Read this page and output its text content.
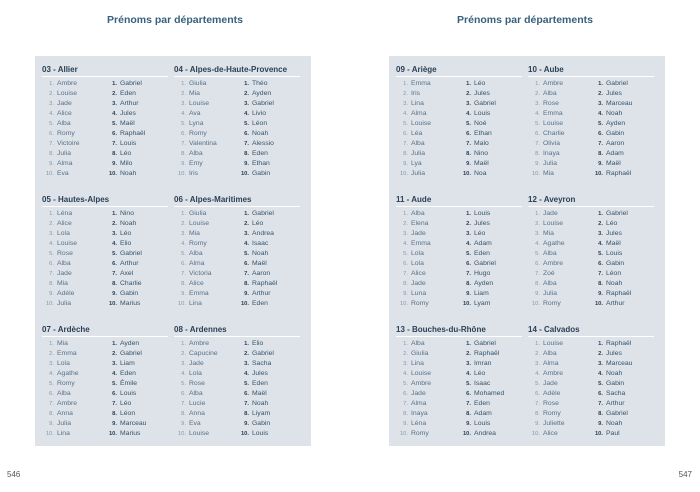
Prénoms par départements
03 - Allier
1. Ambre
2. Louise
3. Jade
4. Alice
5. Alba
6. Romy
7. Victoire
8. Julia
9. Alma
10. Eva
1. Gabriel
2. Eden
3. Arthur
4. Jules
5. Maël
6. Raphaël
7. Louis
8. Léo
9. Milo
10. Noah
04 - Alpes-de-Haute-Provence
1. Giulia
2. Mia
3. Louise
4. Ava
5. Lyna
6. Romy
7. Valentina
8. Alba
9. Emy
10. Iris
1. Théo
2. Ayden
3. Gabriel
4. Livio
5. Léon
6. Noah
7. Alessio
8. Eden
9. Ethan
10. Gabin
05 - Hautes-Alpes
1. Léna
2. Alice
3. Lola
4. Louise
5. Rose
6. Alba
7. Jade
8. Mia
9. Adèle
10. Julia
1. Nino
2. Noah
3. Léo
4. Elio
5. Gabriel
6. Arthur
7. Axel
8. Charlie
9. Gabin
10. Marius
06 - Alpes-Maritimes
1. Giulia
2. Louise
3. Mia
4. Romy
5. Alba
6. Alma
7. Victoria
8. Alice
9. Emma
10. Lina
1. Gabriel
2. Léo
3. Andrea
4. Isaac
5. Noah
6. Maël
7. Aaron
8. Raphaël
9. Arthur
10. Eden
07 - Ardèche
1. Mia
2. Emma
3. Lola
4. Agathe
5. Romy
6. Alba
7. Ambre
8. Anna
9. Julia
10. Lina
1. Ayden
2. Gabriel
3. Liam
4. Eden
5. Émile
6. Louis
7. Léo
8. Léon
9. Marceau
10. Marius
08 - Ardennes
1. Ambre
2. Capucine
3. Jade
4. Lola
5. Rose
6. Alba
7. Lucie
8. Anna
9. Eva
10. Louise
1. Elio
2. Gabriel
3. Sacha
4. Jules
5. Eden
6. Maël
7. Noah
8. Liyam
9. Gabin
10. Louis
546
Prénoms par départements
09 - Ariège
1. Emma
2. Iris
3. Lina
4. Alma
5. Louise
6. Léa
7. Alba
8. Julia
9. Lya
10. Julia
1. Léo
2. Jules
3. Gabriel
4. Louis
5. Noé
6. Ethan
7. Malo
8. Nino
9. Maël
10. Noa
10 - Aube
1. Ambre
2. Alba
3. Rose
4. Emma
5. Louise
6. Charlie
7. Olivia
8. Inaya
9. Julia
10. Mia
1. Gabriel
2. Jules
3. Marceau
4. Noah
5. Ayden
6. Gabin
7. Aaron
8. Adam
9. Maël
10. Raphaël
11 - Aude
1. Alba
2. Elena
3. Jade
4. Emma
5. Lola
6. Lola
7. Alice
8. Jade
9. Luna
10. Romy
1. Louis
2. Jules
3. Léo
4. Adam
5. Eden
6. Gabriel
7. Hugo
8. Ayden
9. Liam
10. Lyam
12 - Aveyron
1. Jade
2. Louise
3. Mia
4. Agathe
5. Alba
6. Ambre
7. Zoé
8. Alba
9. Julia
10. Romy
1. Gabriel
2. Léo
3. Jules
4. Maël
5. Louis
6. Gabin
7. Léon
8. Noah
9. Raphaël
10. Arthur
13 - Bouches-du-Rhône
1. Alba
2. Giulia
3. Lina
4. Louise
5. Ambre
6. Jade
7. Alma
8. Inaya
9. Léna
10. Romy
1. Gabriel
2. Raphaël
3. Imran
4. Léo
5. Isaac
6. Mohamed
7. Eden
8. Adam
9. Louis
10. Andrea
14 - Calvados
1. Louise
2. Alba
3. Alma
4. Ambre
5. Jade
6. Adèle
7. Rose
8. Romy
9. Juliette
10. Alice
1. Raphaël
2. Jules
3. Marceau
4. Noah
5. Gabin
6. Sacha
7. Arthur
8. Gabriel
9. Noah
10. Paul
547
